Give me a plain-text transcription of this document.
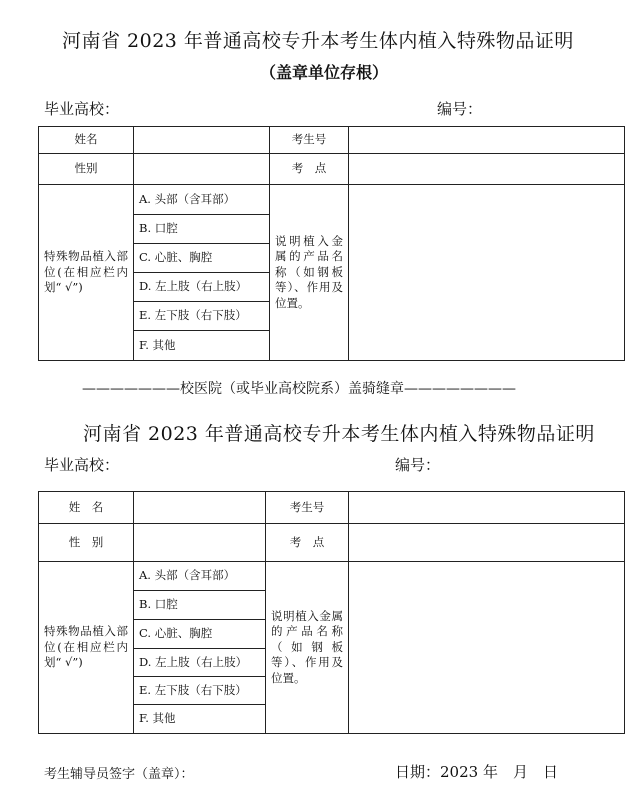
河南省 2023 年普通高校专升本考生体内植入特殊物品证明
（盖章单位存根）
毕业高校：	编号：
姓名		考生号	
性别		考　点	
特殊物品植入部位(在相应栏内划“ √”)	A. 头部（含耳部）	说明植入金属的产品名称（如钢板等）、作用及位置。	
	B. 口腔		
	C. 心脏、胸腔		
	D. 左上肢（右上肢）		
	E. 左下肢（右下肢）		
	F. 其他		
———————校医院（或毕业高校院系）盖骑缝章————————
河南省 2023 年普通高校专升本考生体内植入特殊物品证明
毕业高校：	编号：
姓　名		考生号	
性　别		考　点	
特殊物品植入部位(在相应栏内划“ √”)	A. 头部（含耳部）	说明植入金属的产品名称（如钢板等）、作用及位置。	
	B. 口腔		
	C. 心脏、胸腔		
	D. 左上肢（右上肢）		
	E. 左下肢（右下肢）		
	F. 其他		
考生辅导员签字（盖章）：	日期：2023 年　月　日
